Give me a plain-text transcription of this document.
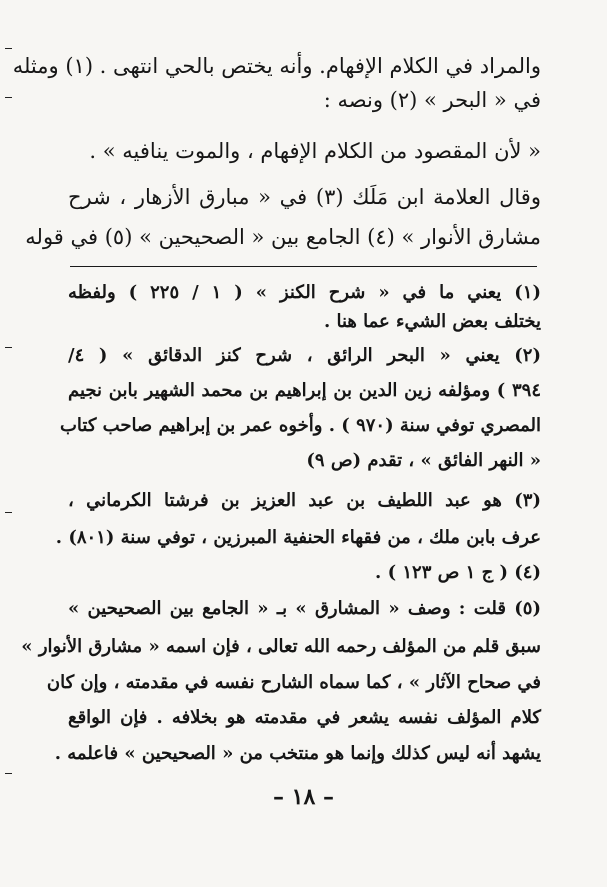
والمراد في الكلام الإفهام. وأنه يختص بالحي انتهى . (١) ومثله
في « البحر » (٢) ونصه :
« لأن المقصود من الكلام الإفهام ، والموت ينافيه » .
وقال العلامة ابن مَلَك (٣) في « مبارق الأزهار ، شرح
مشارق الأنوار » (٤) الجامع بين « الصحيحين » (٥) في قوله
(١) يعني ما في « شرح الكنز » ( ١ / ٢٢٥ ) ولفظه
يختلف بعض الشيء عما هنا .
(٢) يعني « البحر الرائق ، شرح كنز الدقائق » ( ٤/
٣٩٤ ) ومؤلفه زين الدين بن إبراهيم بن محمد الشهير بابن نجيم
المصري توفي سنة (٩٧٠ ) . وأخوه عمر بن إبراهيم صاحب كتاب
« النهر الفائق » ، تقدم (ص ٩)
(٣) هو عبد اللطيف بن عبد العزيز بن فرشتا الكرماني ،
عرف بابن ملك ، من فقهاء الحنفية المبرزين ، توفي سنة (٨٠١) .
(٤) ( ج ١ ص ١٢٣ ) .
(٥) قلت : وصف « المشارق » بـ « الجامع بين الصحيحين »
سبق قلم من المؤلف رحمه الله تعالى ، فإن اسمه « مشارق الأنوار »
في صحاح الآثار » ، كما سماه الشارح نفسه في مقدمته ، وإن كان
كلام المؤلف نفسه يشعر في مقدمته هو بخلافه . فإن الواقع
يشهد أنه ليس كذلك وإنما هو منتخب من « الصحيحين » فاعلمه .
– ١٨ –
